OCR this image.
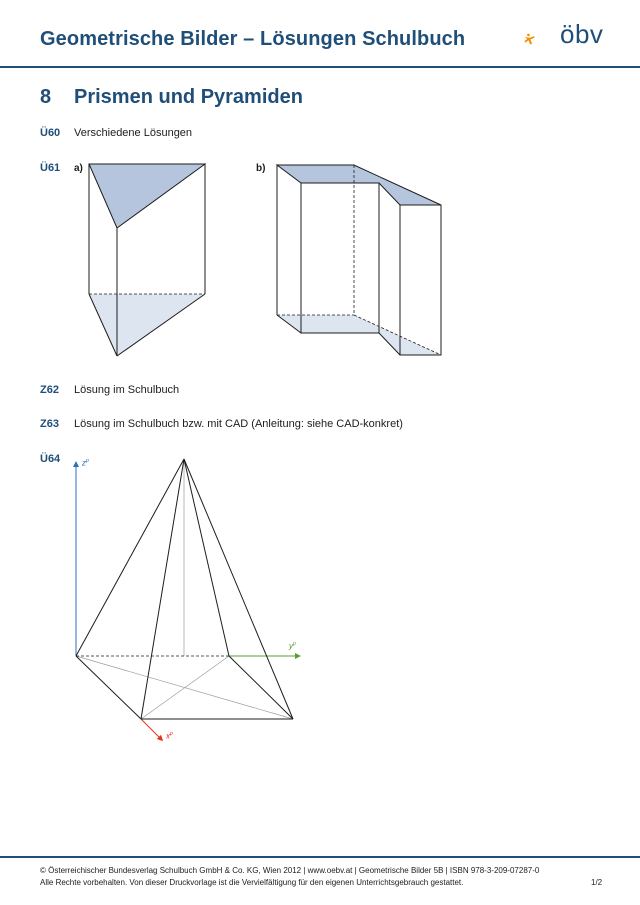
Geometrische Bilder – Lösungen Schulbuch	öbv
8 Prismen und Pyramiden
Ü60 Verschiedene Lösungen
Ü61 a)	b)
Z62 Lösung im Schulbuch
Z63 Lösung im Schulbuch bzw. mit CAD (Anleitung: siehe CAD-konkret)
Ü64	$z^p$
$y^p$
$x^p$
© Österreichischer Bundesverlag Schulbuch GmbH & Co. KG, Wien 2012 | www.oebv.at | Geometrische Bilder 5B | ISBN 978-3-209-07287-0
Alle Rechte vorbehalten. Von dieser Druckvorlage ist die Vervielfältigung für den eigenen Unterrichtsgebrauch gestattet.	1/2
